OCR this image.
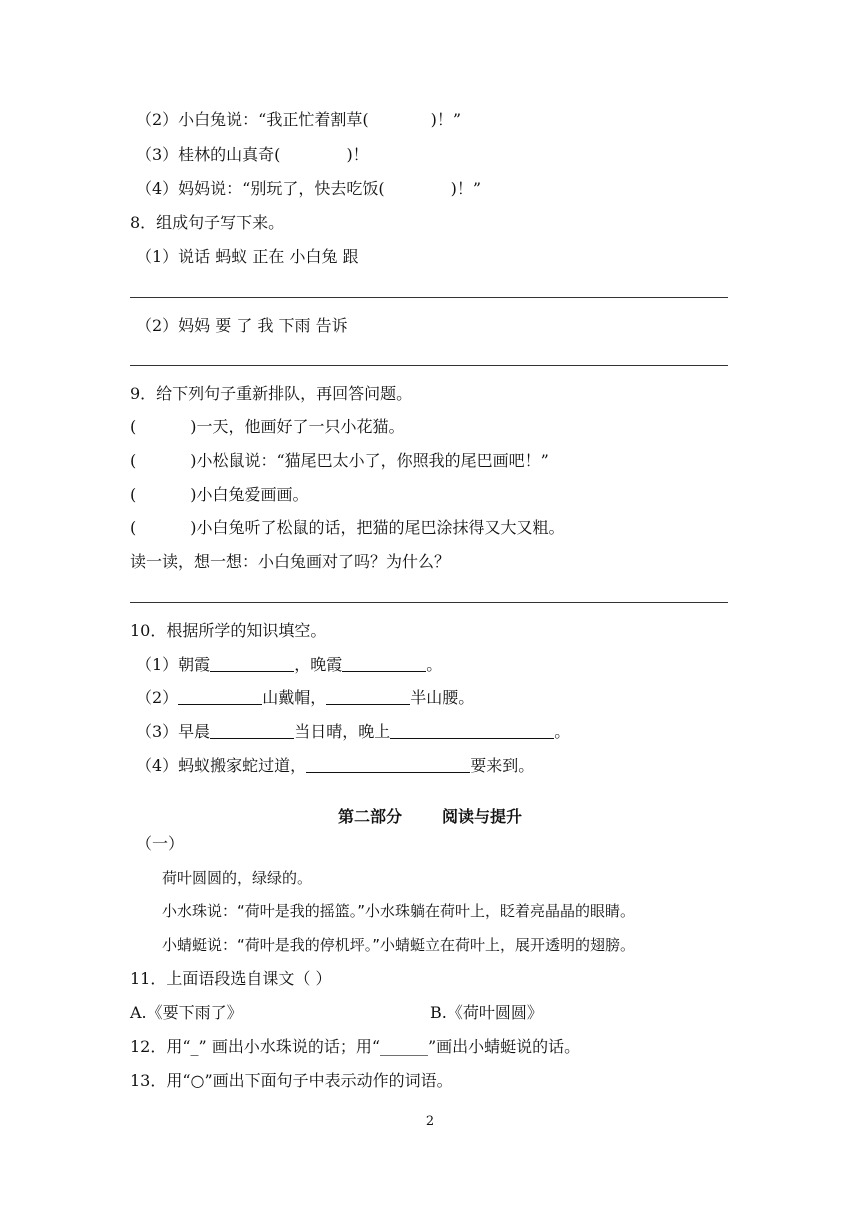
（2）小白兔说：“我正忙着割草(	)！”
（3）桂林的山真奇(	)！
（4）妈妈说：“别玩了，快去吃饭(	)！”
8．组成句子写下来。
（1）说话 蚂蚁 正在 小白兔 跟
（2）妈妈 要 了 我 下雨 告诉
9．给下列句子重新排队，再回答问题。
(	)一天，他画好了一只小花猫。
(	)小松鼠说：“猫尾巴太小了，你照我的尾巴画吧！”
(	)小白兔爱画画。
(	)小白兔听了松鼠的话，把猫的尾巴涂抹得又大又粗。
读一读，想一想：小白兔画对了吗？为什么？
10．根据所学的知识填空。
（1）朝霞	，晚霞	。
（2）	山戴帽，	半山腰。
（3）早晨	当日晴，晚上	。
（4）蚂蚁搬家蛇过道，	要来到。
第二部分	阅读与提升
（一）
荷叶圆圆的，绿绿的。
小水珠说：“荷叶是我的摇篮。”小水珠躺在荷叶上，眨着亮晶晶的眼睛。
小蜻蜓说：“荷叶是我的停机坪。”小蜻蜓立在荷叶上，展开透明的翅膀。
11．上面语段选自课文（ ）
A.《要下雨了》	B.《荷叶圆圆》
12．用“_” 画出小水珠说的话；用“______”画出小蜻蜓说的话。
13．用“○”画出下面句子中表示动作的词语。
2
